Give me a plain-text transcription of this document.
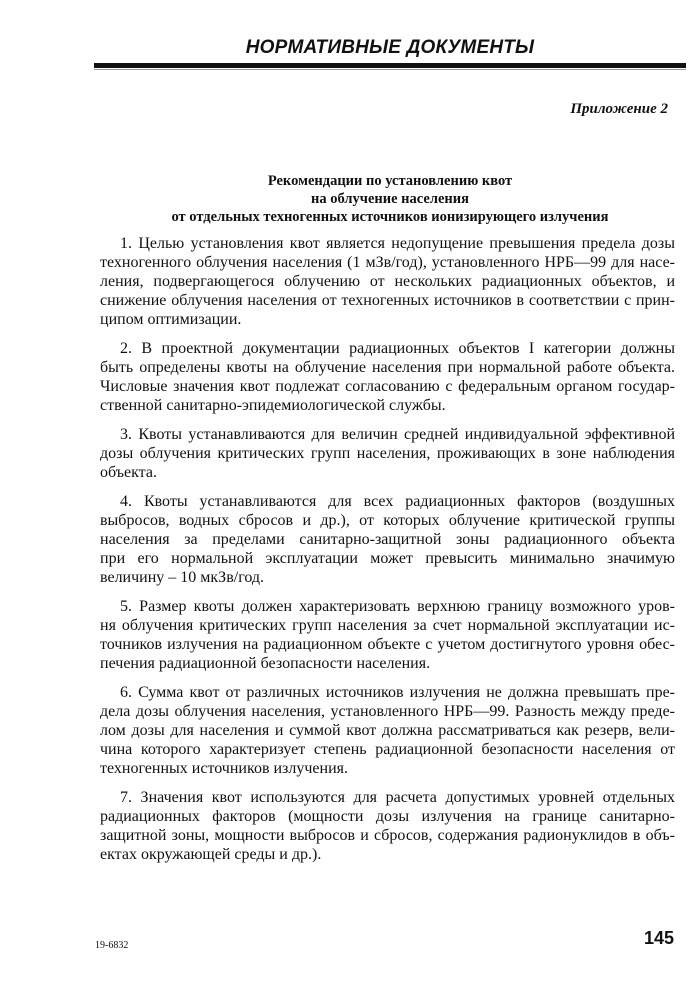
НОРМАТИВНЫЕ ДОКУМЕНТЫ
Приложение 2
Рекомендации по установлению квот
на облучение населения
от отдельных техногенных источников ионизирующего излучения
1. Целью установления квот является недопущение превышения предела дозы
техногенного облучения населения (1 мЗв/год), установленного НРБ—99 для насе-
ления, подвергающегося облучению от нескольких радиационных объектов, и
снижение облучения населения от техногенных источников в соответствии с прин-
ципом оптимизации.
2. В проектной документации радиационных объектов I категории должны
быть определены квоты на облучение населения при нормальной работе объекта.
Числовые значения квот подлежат согласованию с федеральным органом государ-
ственной санитарно-эпидемиологической службы.
3. Квоты устанавливаются для величин средней индивидуальной эффективной
дозы облучения критических групп населения, проживающих в зоне наблюдения
объекта.
4. Квоты устанавливаются для всех радиационных факторов (воздушных
выбросов, водных сбросов и др.), от которых облучение критической группы
населения за пределами санитарно-защитной зоны радиационного объекта
при его нормальной эксплуатации может превысить минимально значимую
величину – 10 мкЗв/год.
5. Размер квоты должен характеризовать верхнюю границу возможного уров-
ня облучения критических групп населения за счет нормальной эксплуатации ис-
точников излучения на радиационном объекте с учетом достигнутого уровня обес-
печения радиационной безопасности населения.
6. Сумма квот от различных источников излучения не должна превышать пре-
дела дозы облучения населения, установленного НРБ—99. Разность между преде-
лом дозы для населения и суммой квот должна рассматриваться как резерв, вели-
чина которого характеризует степень радиационной безопасности населения от
техногенных источников излучения.
7. Значения квот используются для расчета допустимых уровней отдельных
радиационных факторов (мощности дозы излучения на границе санитарно-
защитной зоны, мощности выбросов и сбросов, содержания радионуклидов в объ-
ектах окружающей среды и др.).
19-6832	145
